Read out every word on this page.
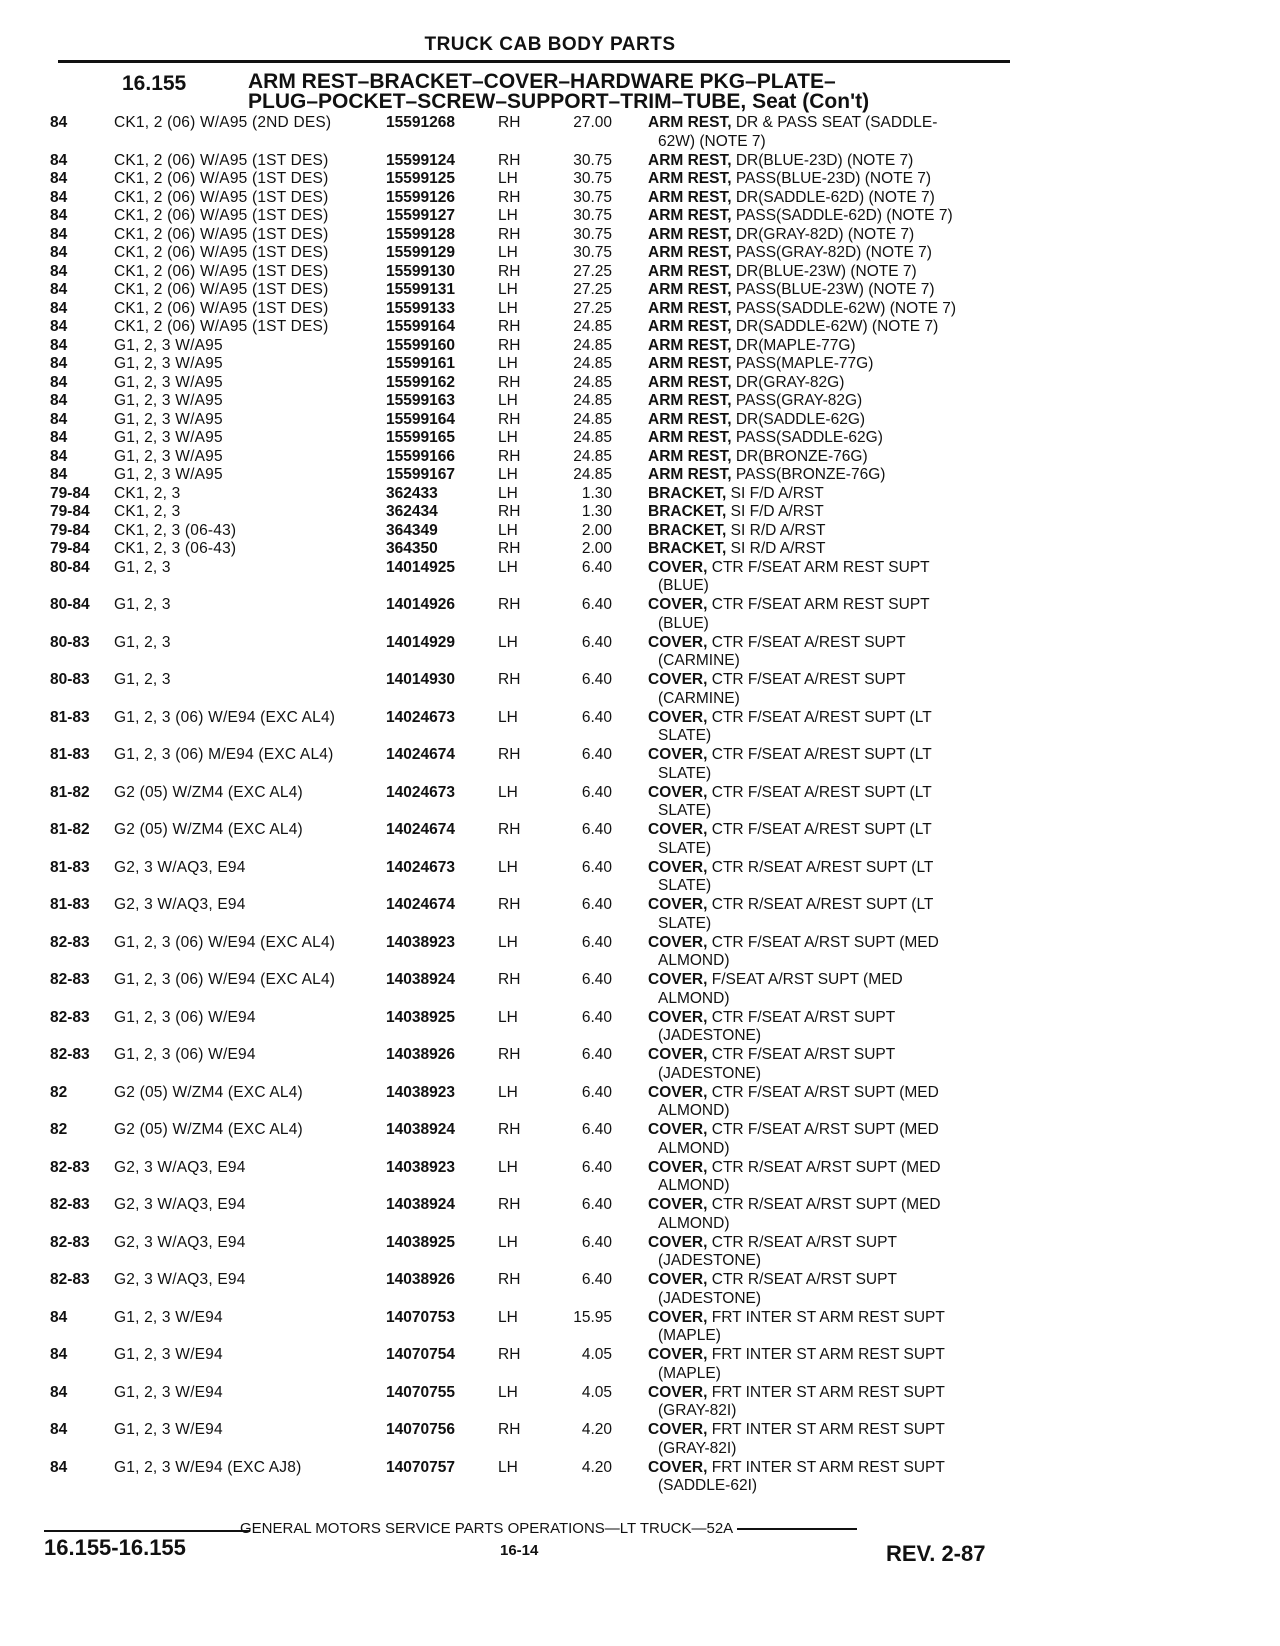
TRUCK CAB BODY PARTS
16.155	ARM REST–BRACKET–COVER–HARDWARE PKG–PLATE–
PLUG–POCKET–SCREW–SUPPORT–TRIM–TUBE, Seat (Con't)
84	CK1, 2 (06) W/A95 (2ND DES)	15591268	RH	27.00 ARM REST, DR & PASS SEAT (SADDLE-
62W) (NOTE 7)
84	CK1, 2 (06) W/A95 (1ST DES)	15599124	RH	30.75 ARM REST, DR(BLUE-23D) (NOTE 7)
84	CK1, 2 (06) W/A95 (1ST DES)	15599125	LH	30.75 ARM REST, PASS(BLUE-23D) (NOTE 7)
84	CK1, 2 (06) W/A95 (1ST DES)	15599126	RH	30.75 ARM REST, DR(SADDLE-62D) (NOTE 7)
84	CK1, 2 (06) W/A95 (1ST DES)	15599127	LH	30.75 ARM REST, PASS(SADDLE-62D) (NOTE 7)
84	CK1, 2 (06) W/A95 (1ST DES)	15599128	RH	30.75 ARM REST, DR(GRAY-82D) (NOTE 7)
84	CK1, 2 (06) W/A95 (1ST DES)	15599129	LH	30.75 ARM REST, PASS(GRAY-82D) (NOTE 7)
84	CK1, 2 (06) W/A95 (1ST DES)	15599130	RH	27.25 ARM REST, DR(BLUE-23W) (NOTE 7)
84	CK1, 2 (06) W/A95 (1ST DES)	15599131	LH	27.25 ARM REST, PASS(BLUE-23W) (NOTE 7)
84	CK1, 2 (06) W/A95 (1ST DES)	15599133	LH	27.25 ARM REST, PASS(SADDLE-62W) (NOTE 7)
84	CK1, 2 (06) W/A95 (1ST DES)	15599164	RH	24.85 ARM REST, DR(SADDLE-62W) (NOTE 7)
84	G1, 2, 3 W/A95	15599160	RH	24.85 ARM REST, DR(MAPLE-77G)
84	G1, 2, 3 W/A95	15599161	LH	24.85 ARM REST, PASS(MAPLE-77G)
84	G1, 2, 3 W/A95	15599162	RH	24.85 ARM REST, DR(GRAY-82G)
84	G1, 2, 3 W/A95	15599163	LH	24.85 ARM REST, PASS(GRAY-82G)
84	G1, 2, 3 W/A95	15599164	RH	24.85 ARM REST, DR(SADDLE-62G)
84	G1, 2, 3 W/A95	15599165	LH	24.85 ARM REST, PASS(SADDLE-62G)
84	G1, 2, 3 W/A95	15599166	RH	24.85 ARM REST, DR(BRONZE-76G)
84	G1, 2, 3 W/A95	15599167	LH	24.85 ARM REST, PASS(BRONZE-76G)
79-84	CK1, 2, 3	362433	LH	1.30 BRACKET, SI F/D A/RST
79-84	CK1, 2, 3	362434	RH	1.30 BRACKET, SI F/D A/RST
79-84	CK1, 2, 3 (06-43)	364349	LH	2.00 BRACKET, SI R/D A/RST
79-84	CK1, 2, 3 (06-43)	364350	RH	2.00 BRACKET, SI R/D A/RST
80-84	G1, 2, 3	14014925	LH	6.40 COVER, CTR F/SEAT ARM REST SUPT
(BLUE)
80-84	G1, 2, 3	14014926	RH	6.40 COVER, CTR F/SEAT ARM REST SUPT
(BLUE)
80-83	G1, 2, 3	14014929	LH	6.40 COVER, CTR F/SEAT A/REST SUPT
(CARMINE)
80-83	G1, 2, 3	14014930	RH	6.40 COVER, CTR F/SEAT A/REST SUPT
(CARMINE)
81-83	G1, 2, 3 (06) W/E94 (EXC AL4)	14024673	LH	6.40 COVER, CTR F/SEAT A/REST SUPT (LT
SLATE)
81-83	G1, 2, 3 (06) M/E94 (EXC AL4)	14024674	RH	6.40 COVER, CTR F/SEAT A/REST SUPT (LT
SLATE)
81-82	G2 (05) W/ZM4 (EXC AL4)	14024673	LH	6.40 COVER, CTR F/SEAT A/REST SUPT (LT
SLATE)
81-82	G2 (05) W/ZM4 (EXC AL4)	14024674	RH	6.40 COVER, CTR F/SEAT A/REST SUPT (LT
SLATE)
81-83	G2, 3 W/AQ3, E94	14024673	LH	6.40 COVER, CTR R/SEAT A/REST SUPT (LT
SLATE)
81-83	G2, 3 W/AQ3, E94	14024674	RH	6.40 COVER, CTR R/SEAT A/REST SUPT (LT
SLATE)
82-83	G1, 2, 3 (06) W/E94 (EXC AL4)	14038923	LH	6.40 COVER, CTR F/SEAT A/RST SUPT (MED
ALMOND)
82-83	G1, 2, 3 (06) W/E94 (EXC AL4)	14038924	RH	6.40 COVER, F/SEAT A/RST SUPT (MED
ALMOND)
82-83	G1, 2, 3 (06) W/E94	14038925	LH	6.40 COVER, CTR F/SEAT A/RST SUPT
(JADESTONE)
82-83	G1, 2, 3 (06) W/E94	14038926	RH	6.40 COVER, CTR F/SEAT A/RST SUPT
(JADESTONE)
82	G2 (05) W/ZM4 (EXC AL4)	14038923	LH	6.40 COVER, CTR F/SEAT A/RST SUPT (MED
ALMOND)
82	G2 (05) W/ZM4 (EXC AL4)	14038924	RH	6.40 COVER, CTR F/SEAT A/RST SUPT (MED
ALMOND)
82-83	G2, 3 W/AQ3, E94	14038923	LH	6.40 COVER, CTR R/SEAT A/RST SUPT (MED
ALMOND)
82-83	G2, 3 W/AQ3, E94	14038924	RH	6.40 COVER, CTR R/SEAT A/RST SUPT (MED
ALMOND)
82-83	G2, 3 W/AQ3, E94	14038925	LH	6.40 COVER, CTR R/SEAT A/RST SUPT
(JADESTONE)
82-83	G2, 3 W/AQ3, E94	14038926	RH	6.40 COVER, CTR R/SEAT A/RST SUPT
(JADESTONE)
84	G1, 2, 3 W/E94	14070753	LH	15.95 COVER, FRT INTER ST ARM REST SUPT
(MAPLE)
84	G1, 2, 3 W/E94	14070754	RH	4.05 COVER, FRT INTER ST ARM REST SUPT
(MAPLE)
84	G1, 2, 3 W/E94	14070755	LH	4.05 COVER, FRT INTER ST ARM REST SUPT
(GRAY-82I)
84	G1, 2, 3 W/E94	14070756	RH	4.20 COVER, FRT INTER ST ARM REST SUPT
(GRAY-82I)
84	G1, 2, 3 W/E94 (EXC AJ8)	14070757	LH	4.20 COVER, FRT INTER ST ARM REST SUPT
(SADDLE-62I)
GENERAL MOTORS SERVICE PARTS OPERATIONS—LT TRUCK—52A
16.155-16.155	16-14	REV. 2-87
